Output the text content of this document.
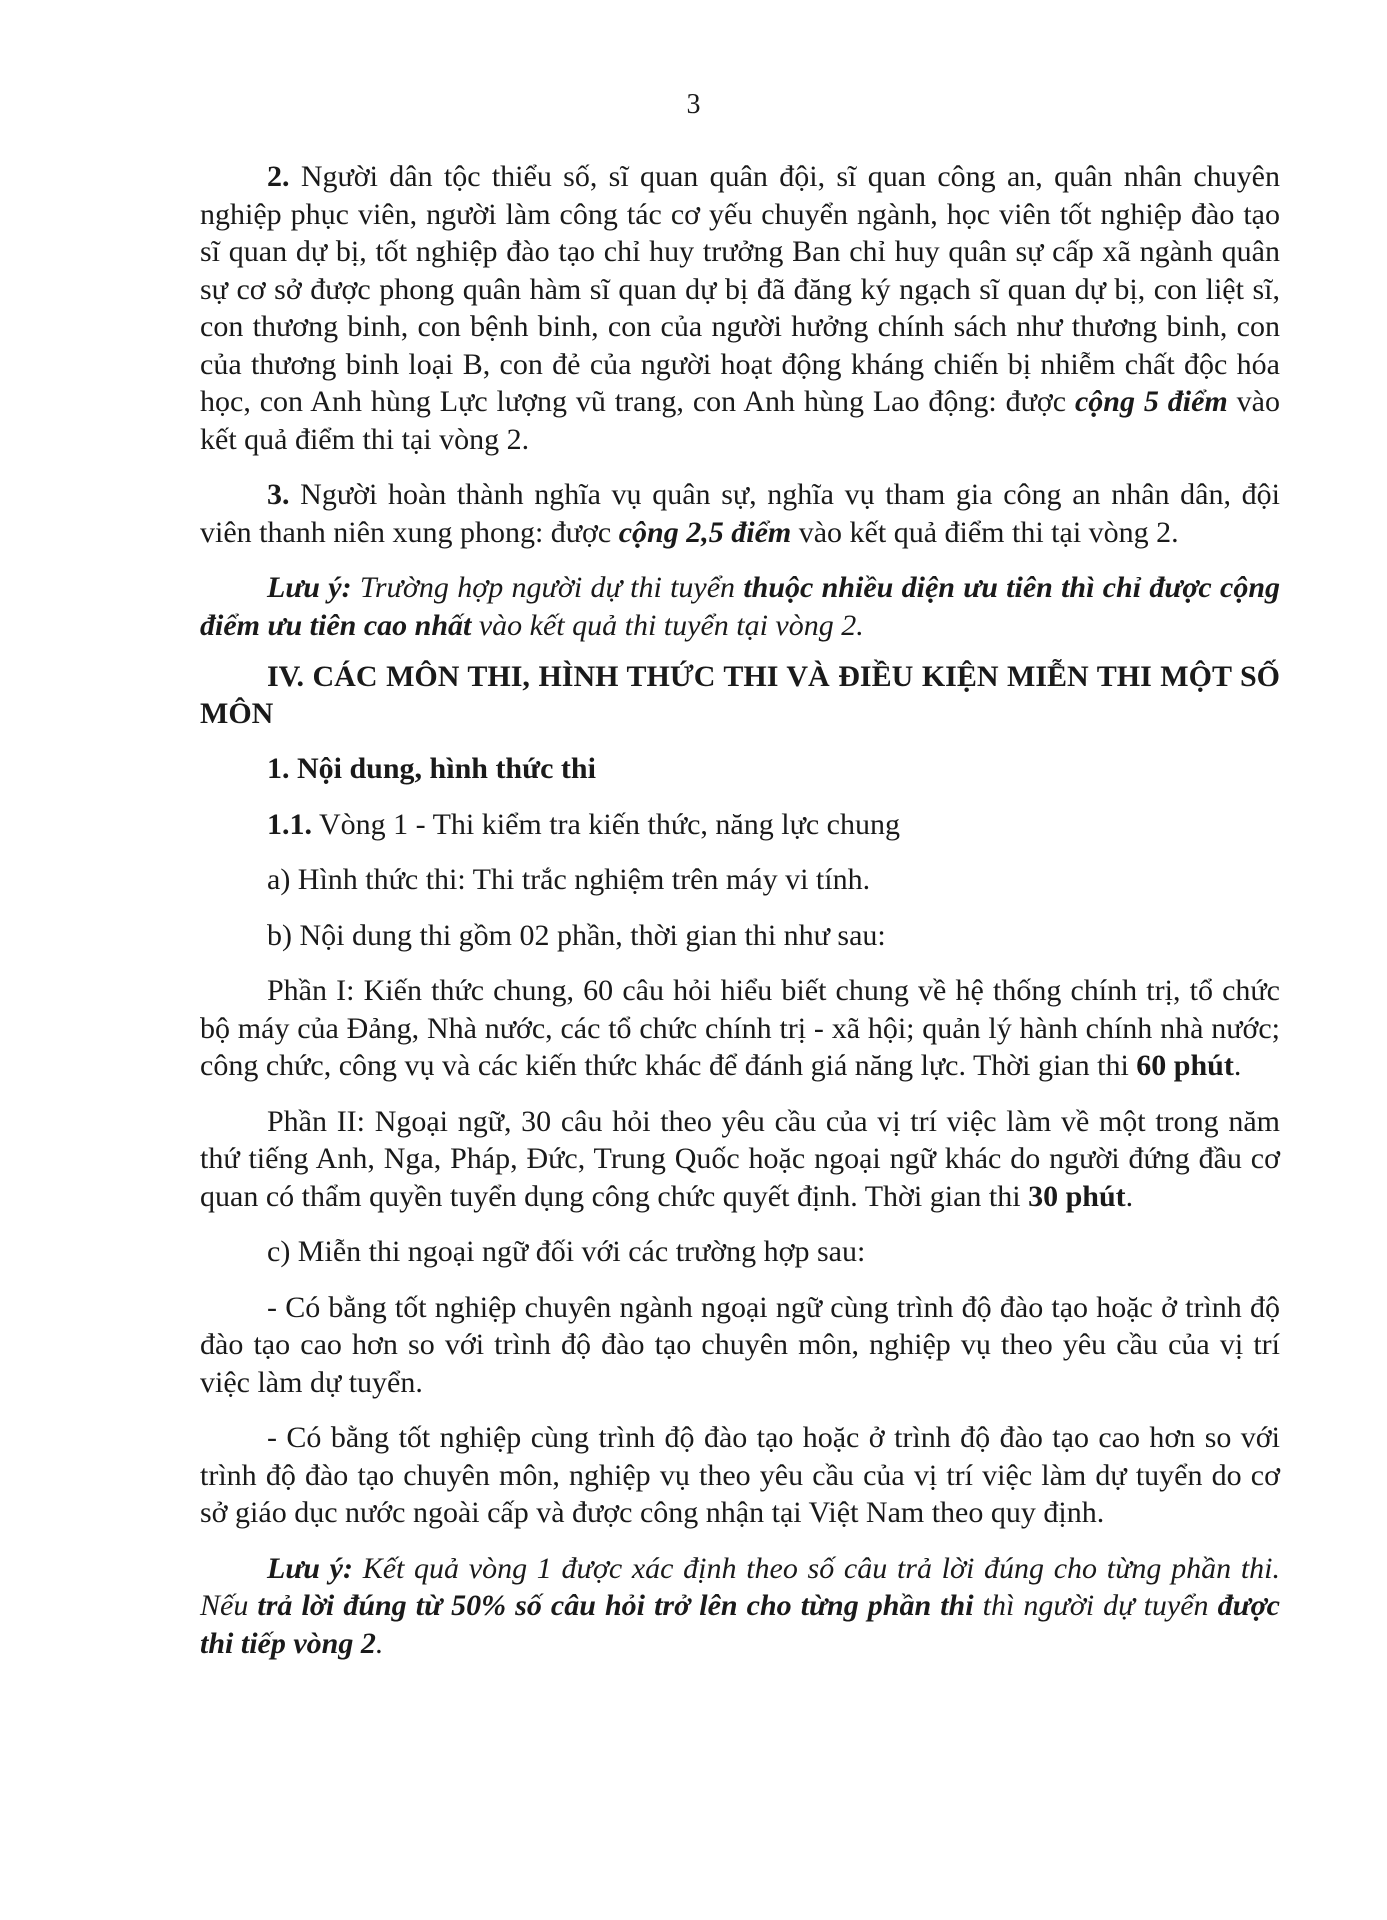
3

2. Người dân tộc thiểu số, sĩ quan quân đội, sĩ quan công an, quân nhân chuyên nghiệp phục viên, người làm công tác cơ yếu chuyển ngành, học viên tốt nghiệp đào tạo sĩ quan dự bị, tốt nghiệp đào tạo chỉ huy trưởng Ban chỉ huy quân sự cấp xã ngành quân sự cơ sở được phong quân hàm sĩ quan dự bị đã đăng ký ngạch sĩ quan dự bị, con liệt sĩ, con thương binh, con bệnh binh, con của người hưởng chính sách như thương binh, con của thương binh loại B, con đẻ của người hoạt động kháng chiến bị nhiễm chất độc hóa học, con Anh hùng Lực lượng vũ trang, con Anh hùng Lao động: được cộng 5 điểm vào kết quả điểm thi tại vòng 2.

3. Người hoàn thành nghĩa vụ quân sự, nghĩa vụ tham gia công an nhân dân, đội viên thanh niên xung phong: được cộng 2,5 điểm vào kết quả điểm thi tại vòng 2.

Lưu ý: Trường hợp người dự thi tuyển thuộc nhiều diện ưu tiên thì chỉ được cộng điểm ưu tiên cao nhất vào kết quả thi tuyển tại vòng 2.

IV. CÁC MÔN THI, HÌNH THỨC THI VÀ ĐIỀU KIỆN MIỄN THI MỘT SỐ MÔN

1. Nội dung, hình thức thi

1.1. Vòng 1 - Thi kiểm tra kiến thức, năng lực chung

a) Hình thức thi: Thi trắc nghiệm trên máy vi tính.

b) Nội dung thi gồm 02 phần, thời gian thi như sau:

Phần I: Kiến thức chung, 60 câu hỏi hiểu biết chung về hệ thống chính trị, tổ chức bộ máy của Đảng, Nhà nước, các tổ chức chính trị - xã hội; quản lý hành chính nhà nước; công chức, công vụ và các kiến thức khác để đánh giá năng lực. Thời gian thi 60 phút.

Phần II: Ngoại ngữ, 30 câu hỏi theo yêu cầu của vị trí việc làm về một trong năm thứ tiếng Anh, Nga, Pháp, Đức, Trung Quốc hoặc ngoại ngữ khác do người đứng đầu cơ quan có thẩm quyền tuyển dụng công chức quyết định. Thời gian thi 30 phút.

c) Miễn thi ngoại ngữ đối với các trường hợp sau:

- Có bằng tốt nghiệp chuyên ngành ngoại ngữ cùng trình độ đào tạo hoặc ở trình độ đào tạo cao hơn so với trình độ đào tạo chuyên môn, nghiệp vụ theo yêu cầu của vị trí việc làm dự tuyển.

- Có bằng tốt nghiệp cùng trình độ đào tạo hoặc ở trình độ đào tạo cao hơn so với trình độ đào tạo chuyên môn, nghiệp vụ theo yêu cầu của vị trí việc làm dự tuyển do cơ sở giáo dục nước ngoài cấp và được công nhận tại Việt Nam theo quy định.

Lưu ý: Kết quả vòng 1 được xác định theo số câu trả lời đúng cho từng phần thi. Nếu trả lời đúng từ 50% số câu hỏi trở lên cho từng phần thi thì người dự tuyển được thi tiếp vòng 2.
